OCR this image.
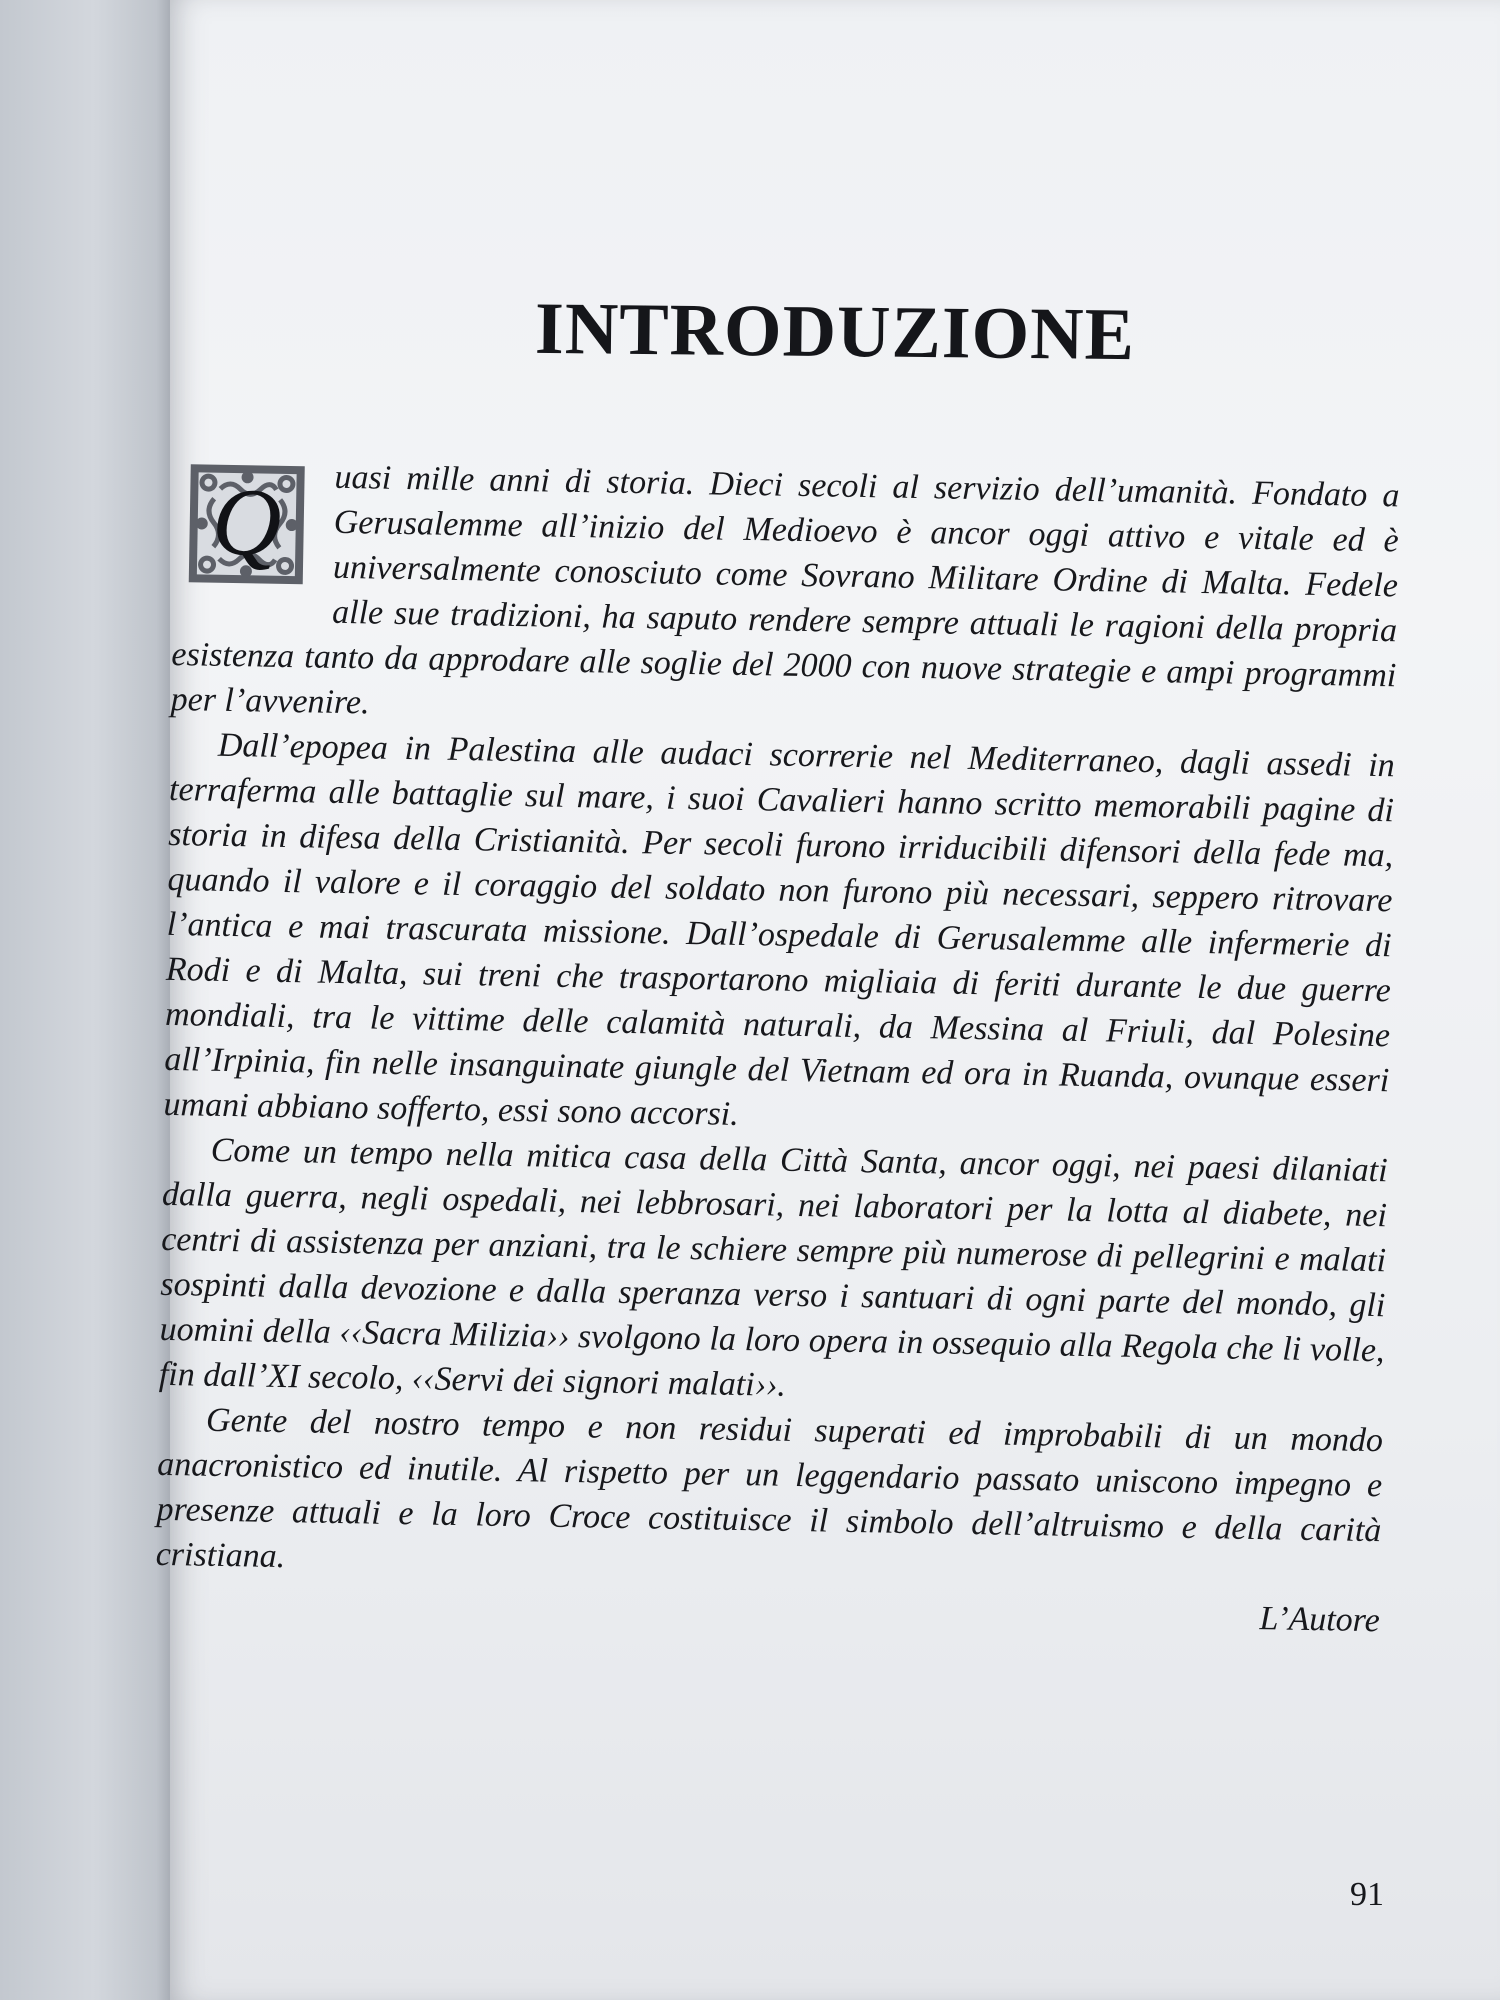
INTRODUZIONE

Q	uasi mille anni di storia. Dieci secoli al servizio dell’umanità. Fondato a Gerusalemme all’inizio del Medioevo è ancor oggi attivo e vitale ed è universalmente conosciuto come Sovrano Militare Ordine di Malta. Fedele alle sue tradizioni, ha saputo rendere sempre attuali le ragioni della propria esistenza tanto da approdare alle soglie del 2000 con nuove strategie e ampi programmi per l’avvenire.

Dall’epopea in Palestina alle audaci scorrerie nel Mediterraneo, dagli assedi in terraferma alle battaglie sul mare, i suoi Cavalieri hanno scritto memorabili pagine di storia in difesa della Cristianità. Per secoli furono irriducibili difensori della fede ma, quando il valore e il coraggio del soldato non furono più necessari, seppero ritrovare l’antica e mai trascurata missione. Dall’ospedale di Gerusalemme alle infermerie di Rodi e di Malta, sui treni che trasportarono migliaia di feriti durante le due guerre mondiali, tra le vittime delle calamità naturali, da Messina al Friuli, dal Polesine all’Irpinia, fin nelle insanguinate giungle del Vietnam ed ora in Ruanda, ovunque esseri umani abbiano sofferto, essi sono accorsi.

Come un tempo nella mitica casa della Città Santa, ancor oggi, nei paesi dilaniati dalla guerra, negli ospedali, nei lebbrosari, nei laboratori per la lotta al diabete, nei centri di assistenza per anziani, tra le schiere sempre più numerose di pellegrini e malati sospinti dalla devozione e dalla speranza verso i santuari di ogni parte del mondo, gli uomini della ‹‹Sacra Milizia›› svolgono la loro opera in ossequio alla Regola che li volle, fin dall’XI secolo, ‹‹Servi dei signori malati››.

Gente del nostro tempo e non residui superati ed improbabili di un mondo anacronistico ed inutile. Al rispetto per un leggendario passato uniscono impegno e presenze attuali e la loro Croce costituisce il simbolo dell’altruismo e della carità cristiana.

L’Autore

91
